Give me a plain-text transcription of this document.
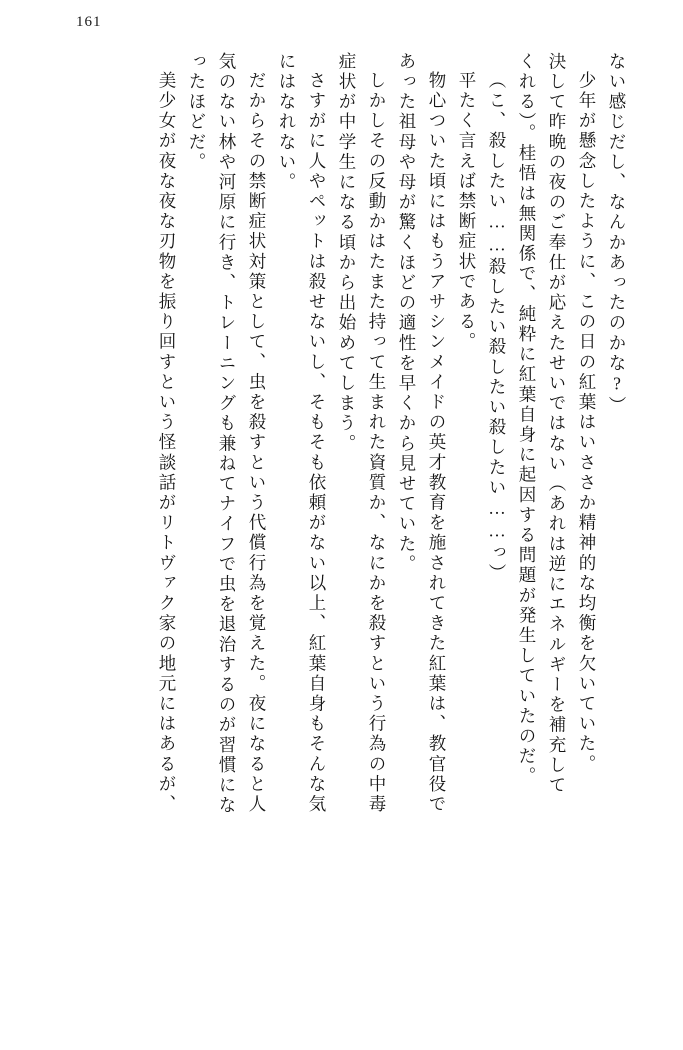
161
ない感じだし、なんかあったのかな?）
少年が懸念したように、この日の紅葉はいささか精神的な均衡を欠いていた。
決して昨晩の夜のご奉仕が応えたせいではない（あれは逆にエネルギーを補充して
くれる）。桂悟は無関係で、純粋に紅葉自身に起因する問題が発生していたのだ。
（こ、殺したい……殺したい殺したい殺したい……っ）
平たく言えば禁断症状である。
物心ついた頃にはもうアサシンメイドの英才教育を施されてきた紅葉は、教官役で
あった祖母や母が驚くほどの適性を早くから見せていた。
しかしその反動かはたまた持って生まれた資質か、なにかを殺すという行為の中毒
症状が中学生になる頃から出始めてしまう。
さすがに人やペットは殺せないし、そもそも依頼がない以上、紅葉自身もそんな気
にはなれない。
だからその禁断症状対策として、虫を殺すという代償行為を覚えた。夜になると人
気のない林や河原に行き、トレーニングも兼ねてナイフで虫を退治するのが習慣にな
ったほどだ。
美少女が夜な夜な刃物を振り回すという怪談話がリトヴァク家の地元にはあるが、
